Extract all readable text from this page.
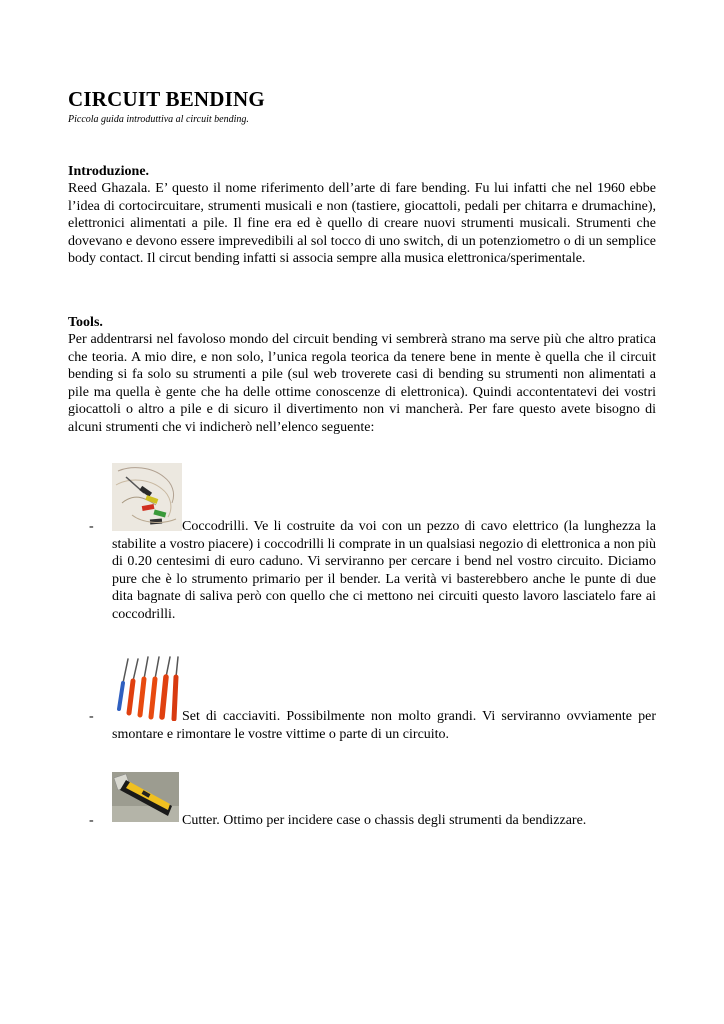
CIRCUIT BENDING

Piccola guida introduttiva al circuit bending.

Introduzione.

Reed Ghazala. E’ questo il nome riferimento dell’arte di fare bending. Fu lui infatti che nel 1960 ebbe l’idea di cortocircuitare, strumenti musicali e non (tastiere, giocattoli, pedali per chitarra e drumachine), elettronici alimentati a pile. Il fine era ed è quello di creare nuovi strumenti musicali. Strumenti che dovevano e devono essere imprevedibili al sol tocco di uno switch, di un potenziometro o di un semplice body contact. Il circut bending infatti si associa sempre alla musica elettronica/sperimentale.

Tools.

Per addentrarsi nel favoloso mondo del circuit bending vi sembrerà strano ma serve più che altro pratica che teoria. A mio dire, e non solo, l’unica regola teorica da tenere bene in mente è quella che il circuit bending si fa solo su strumenti a pile (sul web troverete casi di bending su strumenti non alimentati a pile ma quella è gente che ha delle ottime conoscenze di elettronica). Quindi accontentatevi dei vostri giocattoli o altro a pile e di sicuro il divertimento non vi mancherà. Per fare questo avete bisogno di alcuni strumenti che vi indicherò nell’elenco seguente:

-	Coccodrilli. Ve li costruite da voi con un pezzo di cavo elettrico (la lunghezza la stabilite a vostro piacere) i coccodrilli li comprate in un qualsiasi negozio di elettronica a non più di 0.20 centesimi di euro caduno. Vi serviranno per cercare i bend nel vostro circuito. Diciamo pure che è lo strumento primario per il bender. La verità vi basterebbero anche le punte di due dita bagnate di saliva però con quello che ci mettono nei circuiti questo lavoro lasciatelo fare ai coccodrilli.

-	Set di cacciaviti. Possibilmente non molto grandi. Vi serviranno ovviamente per smontare e rimontare le vostre vittime o parte di un circuito.

-	Cutter. Ottimo per incidere case o chassis degli strumenti da bendizzare.
